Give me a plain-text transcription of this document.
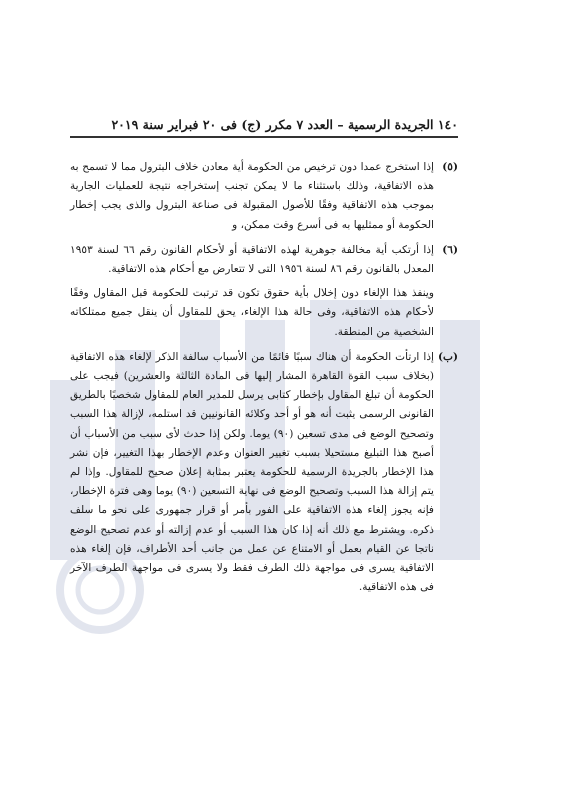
١٤٠ الجريدة الرسمية – العدد ٧ مكرر (ج) فى ٢٠ فبراير سنة ٢٠١٩
(٥)
إذا استخرج عمدا دون ترخيص من الحكومة أية معادن خلاف البترول مما لا تسمح به هذه الاتفاقية، وذلك باستثناء ما لا يمكن تجنب إستخراجه نتيجة للعمليات الجارية بموجب هذه الاتفاقية وفقًا للأصول المقبولة فى صناعة البترول والذى يجب إخطار الحكومة أو ممثليها به فى أسرع وقت ممكن، و
(٦)
إذا أرتكب أية مخالفة جوهرية لهذه الاتفاقية أو لأحكام القانون رقم ٦٦ لسنة ١٩٥٣ المعدل بالقانون رقم ٨٦ لسنة ١٩٥٦ التى لا تتعارض مع أحكام هذه الاتفاقية.

وينفذ هذا الإلغاء دون إخلال بأية حقوق تكون قد ترتبت للحكومة قبل المقاول وفقًا لأحكام هذه الاتفاقية، وفى حالة هذا الإلغاء، يحق للمقاول أن ينقل جميع ممتلكاته الشخصية من المنطقة.

(ب)
إذا ارتأت الحكومة أن هناك سببًا قائمًا من الأسباب سالفة الذكر لإلغاء هذه الاتفاقية (بخلاف سبب القوة القاهرة المشار إليها فى المادة الثالثة والعشرين) فيجب على الحكومة أن تبلغ المقاول بإخطار كتابى يرسل للمدير العام للمقاول شخصيًا بالطريق القانونى الرسمى يثبت أنه هو أو أحد وكلائه القانونيين قد استلمه، لإزالة هذا السبب وتصحيح الوضع فى مدى تسعين (٩٠) يوما. ولكن إذا حدث لأى سبب من الأسباب أن أصبح هذا التبليغ مستحيلا بسبب تغيير العنوان وعدم الإخطار بهذا التغيير، فإن نشر هذا الإخطار بالجريدة الرسمية للحكومة يعتبر بمثابة إعلان صحيح للمقاول. وإذا لم يتم إزالة هذا السبب وتصحيح الوضع فى نهاية التسعين (٩٠) يوما وهى فترة الإخطار، فإنه يجوز إلغاء هذه الاتفاقية على الفور بأمر أو قرار جمهورى على نحو ما سلف ذكره. ويشترط مع ذلك أنه إذا كان هذا السبب أو عدم إزالته أو عدم تصحيح الوضع ناتجا عن القيام بعمل أو الامتناع عن عمل من جانب أحد الأطراف، فإن إلغاء هذه الاتفاقية يسرى فى مواجهة ذلك الطرف فقط ولا يسرى فى مواجهة الطرف الآخر فى هذه الاتفاقية.
